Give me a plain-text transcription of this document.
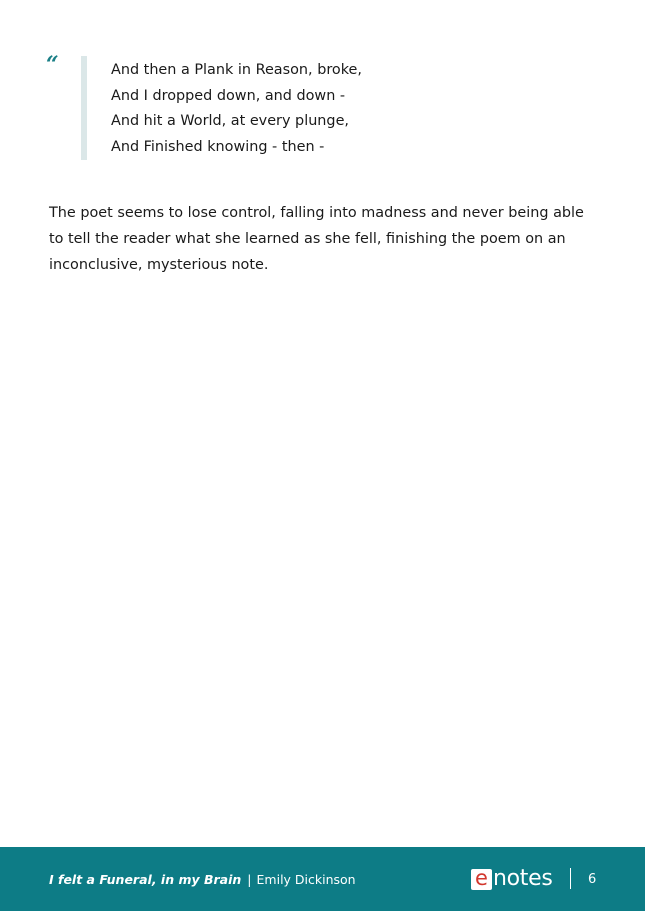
“	And then a Plank in Reason, broke,
And I dropped down, and down -
And hit a World, at every plunge,
And Finished knowing - then -

The poet seems to lose control, falling into madness and never being able to tell the reader what she learned as she fell, finishing the poem on an inconclusive, mysterious note.

I felt a Funeral, in my Brain | Emily Dickinson	e notes	6
